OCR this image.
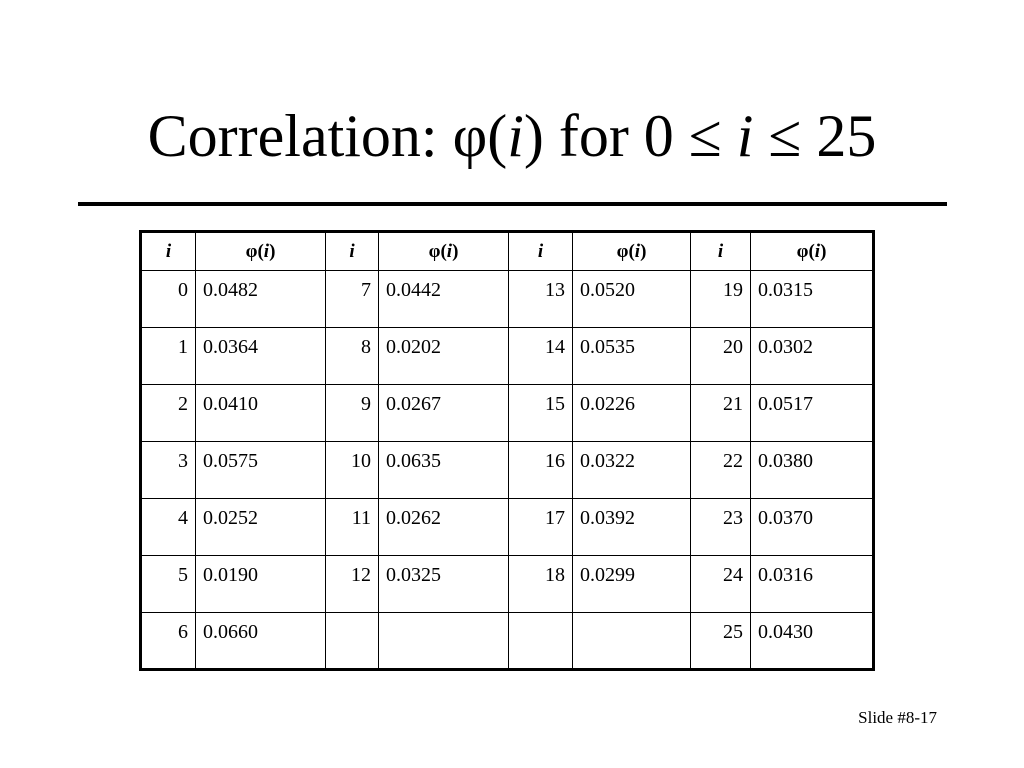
Correlation: φ(i) for 0 ≤ i ≤ 25
i	φ(i)	i	φ(i)	i	φ(i)	i	φ(i)
0	0.0482	7	0.0442	13	0.0520	19	0.0315
1	0.0364	8	0.0202	14	0.0535	20	0.0302
2	0.0410	9	0.0267	15	0.0226	21	0.0517
3	0.0575	10	0.0635	16	0.0322	22	0.0380
4	0.0252	11	0.0262	17	0.0392	23	0.0370
5	0.0190	12	0.0325	18	0.0299	24	0.0316
6	0.0660					25	0.0430
Slide #8-17
